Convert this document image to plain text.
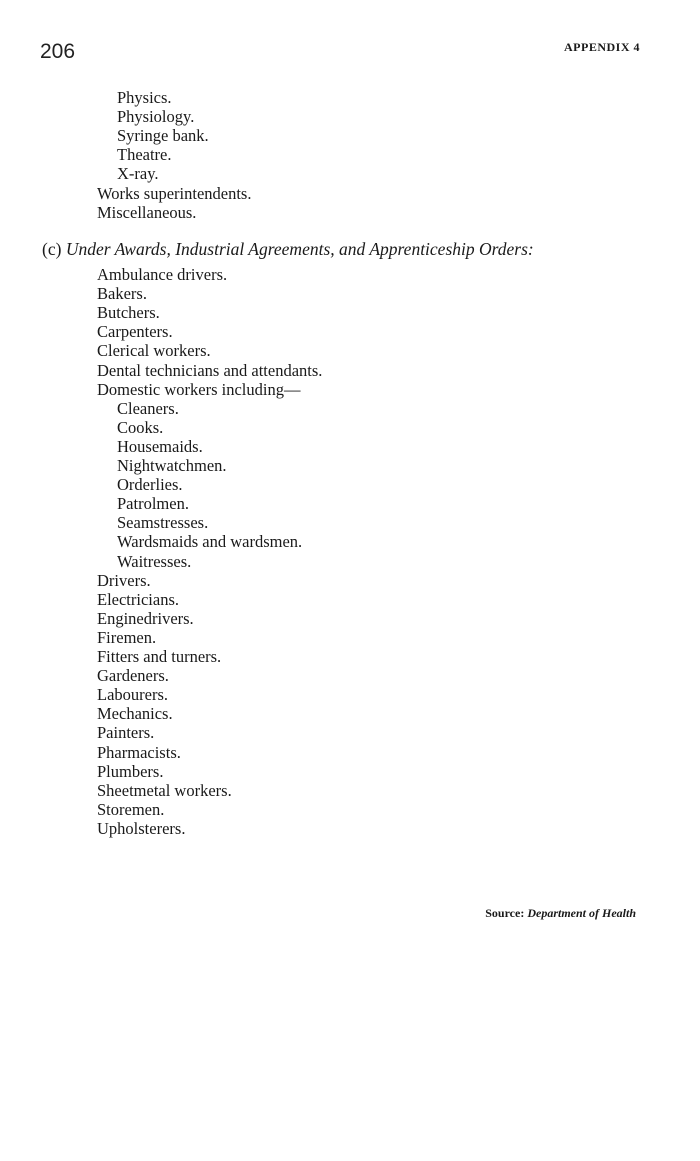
206	APPENDIX 4
Physics.
Physiology.
Syringe bank.
Theatre.
X-ray.
Works superintendents.
Miscellaneous.
(c) Under Awards, Industrial Agreements, and Apprenticeship Orders:
Ambulance drivers.
Bakers.
Butchers.
Carpenters.
Clerical workers.
Dental technicians and attendants.
Domestic workers including—
Cleaners.
Cooks.
Housemaids.
Nightwatchmen.
Orderlies.
Patrolmen.
Seamstresses.
Wardsmaids and wardsmen.
Waitresses.
Drivers.
Electricians.
Enginedrivers.
Firemen.
Fitters and turners.
Gardeners.
Labourers.
Mechanics.
Painters.
Pharmacists.
Plumbers.
Sheetmetal workers.
Storemen.
Upholsterers.
Source: Department of Health
